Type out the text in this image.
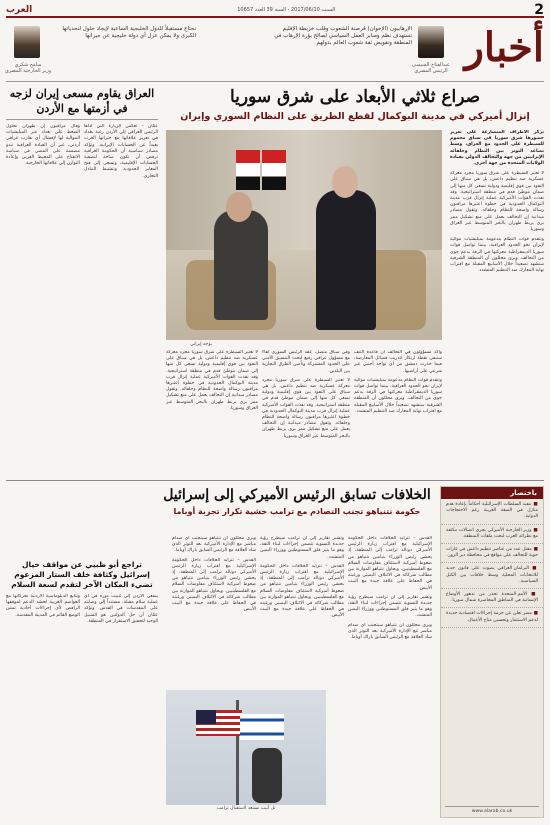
2
السبت 2017/06/10 - السنة 39 العدد 10657
العرب
أخبار
الإرهابيون (الإخوان) قرصنة الشعوب وقلب خريطة الإقليم تستهدف نظم ومنابر العمل السياسي لصالح بؤرة الإرهاب في المنطقة وتقويض ثقة شعوب العالم بدولهم
عبدالفتاح السيسي
الرئيس المصري
نحتاج مستقبلاً للدول الخليجية الساعية لإيجاد حلول لتحدياتها الكبرى ولا يمكن عزل أي دولة خليجية عن جيرانها
سامح شكري
وزير الخارجية المصري
صراع ثلاثي الأبعاد على شرق سوريا
إنزال أميركي في مدينة البوكمال لقطع الطريق على النظام السوري وإيران
تركز الأطراف المتصارعة على تعزيز حضورها شرق سوريا في سباق محموم للسيطرة على الحدود مع العراق، وسط تصاعد التوتر بين النظام وحلفائه الإيرانيين من جهة والتحالف الدولي بقيادة الولايات المتحدة من جهة أخرى.
لا تعتبر السيطرة على شرق سوريا مجرد معركة عسكرية ضد تنظيم داعش، بل هي سباق على النفوذ بين قوى إقليمية ودولية تسعى كل منها إلى ضمان موطئ قدم في منطقة استراتيجية. وقد نفذت القوات الأميركية عملية إنزال قرب مدينة البوكمال الحدودية في خطوة اعتبرها مراقبون رسالة واضحة للنظام وحلفائه. وتقول مصادر ميدانية إن التحالف يعمل على منع تشكيل ممر بري يربط طهران بالبحر المتوسط عبر العراق وسوريا.
وتتقدم قوات النظام مدعومة بميليشيات موالية لإيران نحو الحدود العراقية، بينما تواصل قوات سوريا الديمقراطية معركتها في الرقة بدعم جوي من التحالف. ويرى محللون أن المنطقة الشرقية ستشهد تصعيداً خلال الأسابيع المقبلة مع اقتراب نهاية المعارك ضد التنظيم المتشدد.
بوجه إيراني
وأكد مسؤولون في التحالف أن قاعدة التنف ستبقى نقطة ارتكاز لتدريب فصائل المعارضة، فيما حذرت دمشق من أي تواجد أجنبي غير شرعي على أراضيها.
وتتقدم قوات النظام مدعومة بميليشيات موالية لإيران نحو الحدود العراقية، بينما تواصل قوات سوريا الديمقراطية معركتها في الرقة بدعم جوي من التحالف. ويرى محللون أن المنطقة الشرقية ستشهد تصعيداً خلال الأسابيع المقبلة مع اقتراب نهاية المعارك ضد التنظيم المتشدد.
وفي سياق متصل، عقد الرئيس السوري لقاءً مع مسؤول عراقي رفيع لبحث التنسيق الأمني على الحدود المشتركة وتأمين الطرق التجارية بين البلدين.
لا تعتبر السيطرة على شرق سوريا مجرد معركة عسكرية ضد تنظيم داعش، بل هي سباق على النفوذ بين قوى إقليمية ودولية تسعى كل منها إلى ضمان موطئ قدم في منطقة استراتيجية. وقد نفذت القوات الأميركية عملية إنزال قرب مدينة البوكمال الحدودية في خطوة اعتبرها مراقبون رسالة واضحة للنظام وحلفائه. وتقول مصادر ميدانية إن التحالف يعمل على منع تشكيل ممر بري يربط طهران بالبحر المتوسط عبر العراق وسوريا.
لا تعتبر السيطرة على شرق سوريا مجرد معركة عسكرية ضد تنظيم داعش، بل هي سباق على النفوذ بين قوى إقليمية ودولية تسعى كل منها إلى ضمان موطئ قدم في منطقة استراتيجية. وقد نفذت القوات الأميركية عملية إنزال قرب مدينة البوكمال الحدودية في خطوة اعتبرها مراقبون رسالة واضحة للنظام وحلفائه. وتقول مصادر ميدانية إن التحالف يعمل على منع تشكيل ممر بري يربط طهران بالبحر المتوسط عبر العراق وسوريا.
العراق يقاوم مسعى إيران لزجه في أزمتها مع الأردن
عمّان – تعكس الزيارة التي أداها الرئيس العراقي إلى الأردن رغبة بغداد في تعزيز علاقاتها مع جيرانها العرب بعيداً عن الحسابات الإيرانية. وتؤكد مصادر سياسية أن الحكومة العراقية ترفض أن تكون ساحة لتصفية الحسابات الإقليمية، وتسعى إلى فتح المعابر الحدودية وتنشيط التبادل التجاري.
وقال مراقبون إن طهران تحاول الضغط على بغداد عبر الميليشيات الموالية لها لإفشال أي تقارب عراقي أردني، غير أن القيادة العراقية تبدو مصممة على المضي في سياسة الانفتاح على المحيط العربي وإعادة التوازن إلى علاقاتها الخارجية.
الخلافات تسابق الرئيس الأميركي إلى إسرائيل
حكومة نتنياهو تجنب التصادم مع ترامب خشية تكرار تجربة أوباما
القدس – تتزايد الخلافات داخل الحكومة الإسرائيلية مع اقتراب زيارة الرئيس الأميركي دونالد ترامب إلى المنطقة، إذ يخشى رئيس الوزراء بنيامين نتنياهو من ضغوط أميركية لاستئناف مفاوضات السلام مع الفلسطينيين. ويحاول نتنياهو الموازنة بين مطالب شركائه في الائتلاف اليميني ورغبته في الحفاظ على علاقة جيدة مع البيت الأبيض.
وتشير تقارير إلى أن ترامب سيطرح رؤية جديدة للتسوية تتضمن إجراءات لبناء الثقة، وهو ما يثير قلق المستوطنين ووزراء اليمين المتشدد.
ويرى محللون أن نتنياهو سيتجنب أي صدام مباشر مع الإدارة الأميركية بعد التوتر الذي ساد العلاقة مع الرئيس السابق باراك أوباما.
وتشير تقارير إلى أن ترامب سيطرح رؤية جديدة للتسوية تتضمن إجراءات لبناء الثقة، وهو ما يثير قلق المستوطنين ووزراء اليمين المتشدد.
القدس – تتزايد الخلافات داخل الحكومة الإسرائيلية مع اقتراب زيارة الرئيس الأميركي دونالد ترامب إلى المنطقة، إذ يخشى رئيس الوزراء بنيامين نتنياهو من ضغوط أميركية لاستئناف مفاوضات السلام مع الفلسطينيين. ويحاول نتنياهو الموازنة بين مطالب شركائه في الائتلاف اليميني ورغبته في الحفاظ على علاقة جيدة مع البيت الأبيض.
ويرى محللون أن نتنياهو سيتجنب أي صدام مباشر مع الإدارة الأميركية بعد التوتر الذي ساد العلاقة مع الرئيس السابق باراك أوباما.
القدس – تتزايد الخلافات داخل الحكومة الإسرائيلية مع اقتراب زيارة الرئيس الأميركي دونالد ترامب إلى المنطقة، إذ يخشى رئيس الوزراء بنيامين نتنياهو من ضغوط أميركية لاستئناف مفاوضات السلام مع الفلسطينيين. ويحاول نتنياهو الموازنة بين مطالب شركائه في الائتلاف اليميني ورغبته في الحفاظ على علاقة جيدة مع البيت الأبيض.
تل أبيب تستعد لاستقبال ترامب
تراجع أبو ظبيي عن مواقف حيال إسرائيل وكثافة خلف الستار المزعوم تضيء المكان الآخر لتقدم لسعة السلام
يسعى الأردن إلى تثبيت دوره في أي عملية سلام مقبلة، مستنداً إلى وصايته على المقدسات في القدس. وتؤكد عمّان أن حل الدولتين هو السبيل الوحيد لتحقيق الاستقرار في المنطقة.
وتتابع الدبلوماسية الأردنية تحركاتها مع العواصم الغربية لحشد الدعم لموقفها الرافض لأي إجراءات أحادية تمس الوضع القائم في المدينة المقدسة.
باختصار
■ تنفيذ السلطات الإسرائيلية أحكاماً بإعادة هدم منازل في الضفة الغربية رغم الاحتجاجات الدولية.
■ وزير الخارجية الأميركي يجري اتصالات مكثفة مع نظرائه العرب لبحث ملفات المنطقة.
■ مقتل عدد من عناصر تنظيم داعش في غارات جوية للتحالف على مواقع في محافظة دير الزور.
■ البرلمان العراقي يصوت على قانون جديد للانتخابات المحلية وسط خلافات بين الكتل السياسية.
■ الأمم المتحدة تحذر من تدهور الأوضاع الإنسانية في المناطق المحاصرة شمال سوريا.
■ مصر تعلن عن حزمة إجراءات اقتصادية جديدة لدعم الاستثمار وتحسين مناخ الأعمال.
www.alarab.co.uk
